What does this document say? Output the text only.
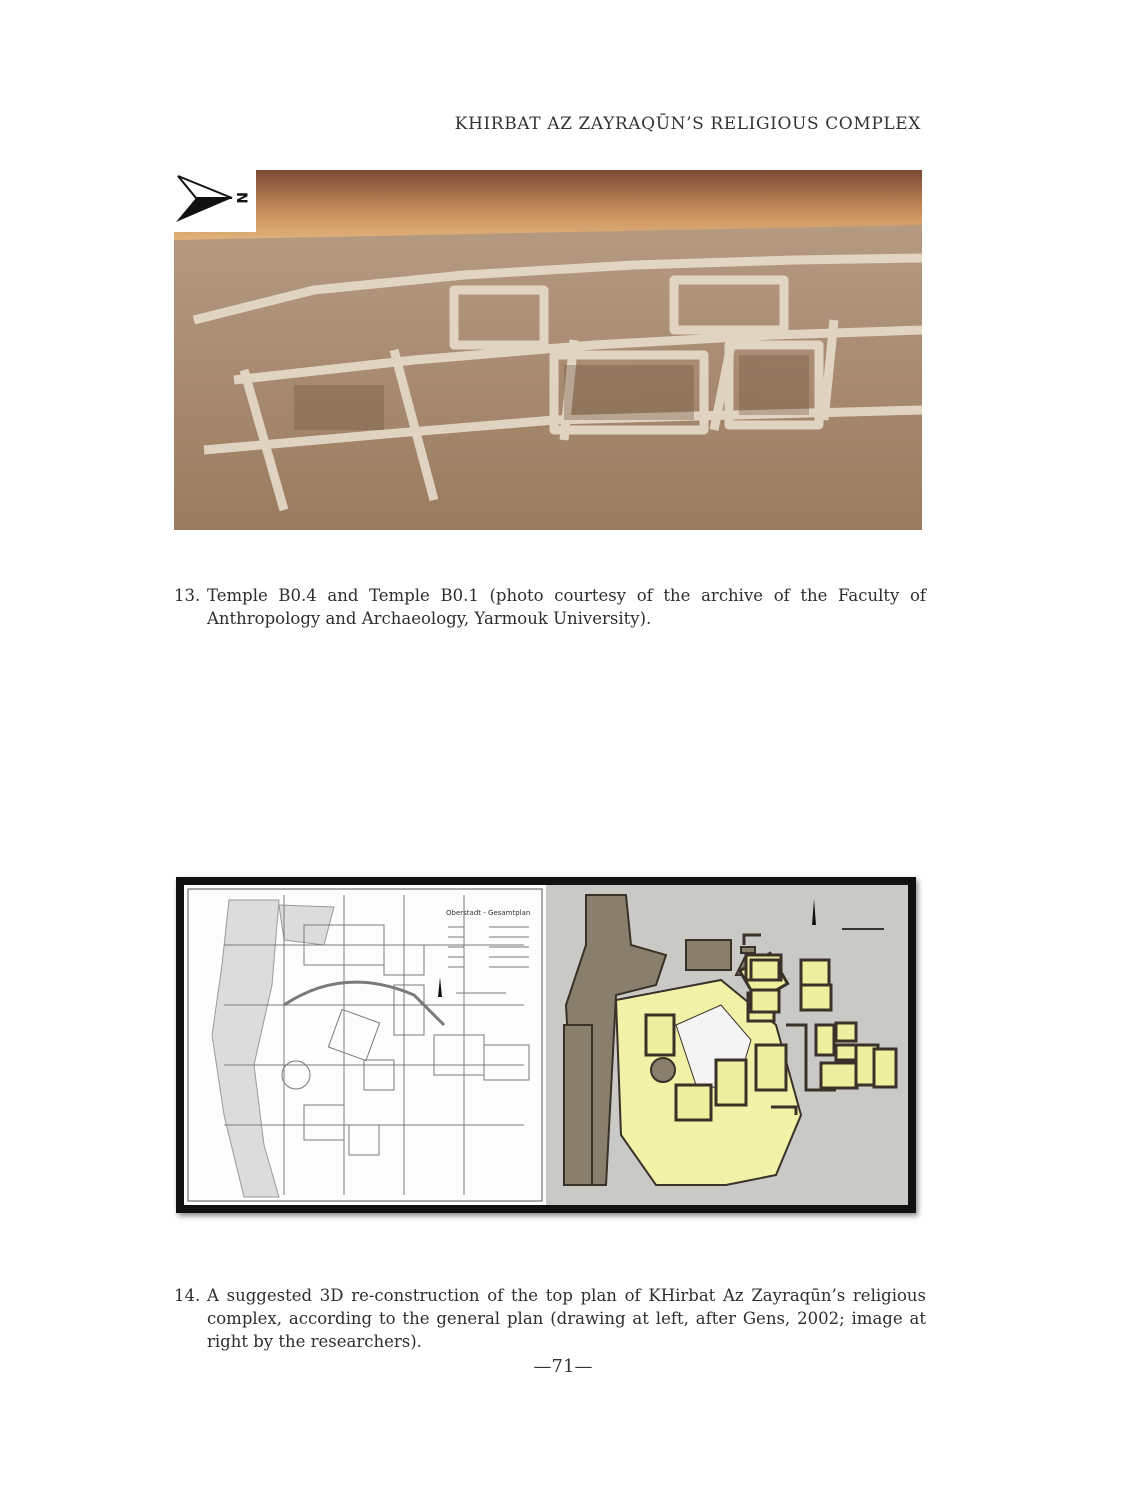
KHIRBAT AZ ZAYRAQŪN’S RELIGIOUS COMPLEX
N
13. Temple B0.4 and Temple B0.1 (photo courtesy of the archive of the Faculty of Anthropology and Archaeology, Yarmouk University).
Oberstadt - Gesamtplan
14. A suggested 3D re-construction of the top plan of KHirbat Az Zayraqūn’s religious complex, according to the general plan (drawing at left, after Gens, 2002; image at right by the researchers).
—71—
